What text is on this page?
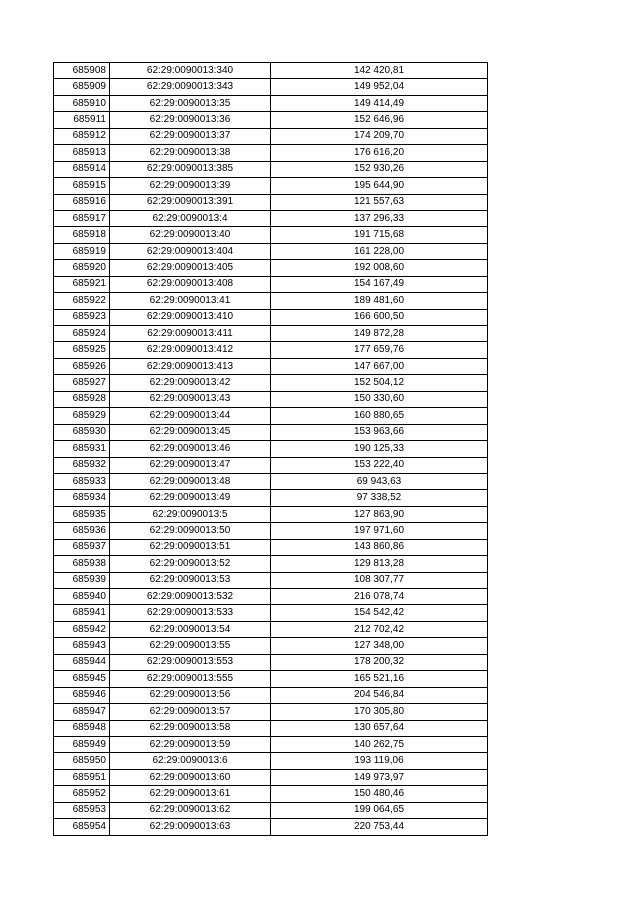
685908	62:29:0090013:340	142 420,81
685909	62:29:0090013:343	149 952,04
685910	62:29:0090013:35	149 414,49
685911	62:29:0090013:36	152 646,96
685912	62:29:0090013:37	174 209,70
685913	62:29:0090013:38	176 616,20
685914	62:29:0090013:385	152 930,26
685915	62:29:0090013:39	195 644,90
685916	62:29:0090013:391	121 557,63
685917	62:29:0090013:4	137 296,33
685918	62:29:0090013:40	191 715,68
685919	62:29:0090013:404	161 228,00
685920	62:29:0090013:405	192 008,60
685921	62:29:0090013:408	154 167,49
685922	62:29:0090013:41	189 481,60
685923	62:29:0090013:410	166 600,50
685924	62:29:0090013:411	149 872,28
685925	62:29:0090013:412	177 659,76
685926	62:29:0090013:413	147 667,00
685927	62:29:0090013:42	152 504,12
685928	62:29:0090013:43	150 330,60
685929	62:29:0090013:44	160 880,65
685930	62:29:0090013:45	153 963,66
685931	62:29:0090013:46	190 125,33
685932	62:29:0090013:47	153 222,40
685933	62:29:0090013:48	69 943,63
685934	62:29:0090013:49	97 338,52
685935	62:29:0090013:5	127 863,90
685936	62:29:0090013:50	197 971,60
685937	62:29:0090013:51	143 860,86
685938	62:29:0090013:52	129 813,28
685939	62:29:0090013:53	108 307,77
685940	62:29:0090013:532	216 078,74
685941	62:29:0090013:533	154 542,42
685942	62:29:0090013:54	212 702,42
685943	62:29:0090013:55	127 348,00
685944	62:29:0090013:553	178 200,32
685945	62:29:0090013:555	165 521,16
685946	62:29:0090013:56	204 546,84
685947	62:29:0090013:57	170 305,80
685948	62:29:0090013:58	130 657,64
685949	62:29:0090013:59	140 262,75
685950	62:29:0090013:6	193 119,06
685951	62:29:0090013:60	149 973,97
685952	62:29:0090013:61	150 480,46
685953	62:29:0090013:62	199 064,65
685954	62:29:0090013:63	220 753,44
